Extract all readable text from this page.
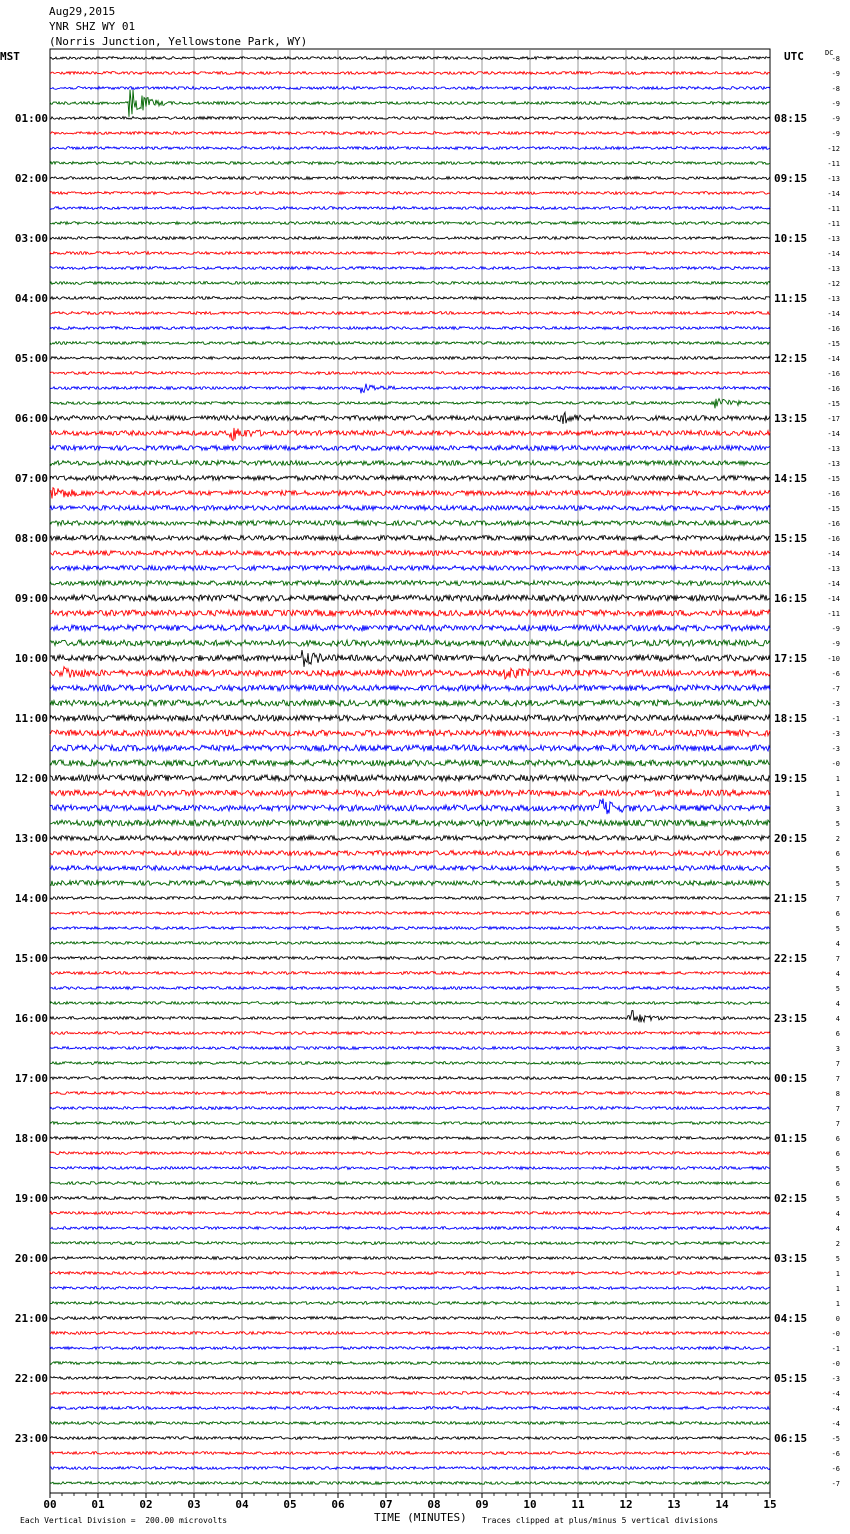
Aug29,2015
YNR SHZ WY 01
(Norris Junction, Yellowstone Park, WY)
MST	UTC	DC
-8
-9
-8
-9
-9
-9
-12
-11
-13
-14
-11
-11
-13
-14
-13
-12
-13
-14
-16
-15
-14
-16
-16
-15
-17
-14
-13
-13
-15
-16
-15
-16
-16
-14
-13
-14
-14
-11
-9
-9
-10
-6
-7
-3
-1
-3
-3
-0
1
1
3
5
2
6
5
5
7
6
5
4
7
4
5
4
4
6
3
7
7
8
7
7
6
6
5
6
5
4
4
2
5
1
1
1
0
-0
-1
-0
-3
-4
-4
-4
-5
-6
-6
-7
01:00
02:00
03:00
04:00
05:00
06:00
07:00
08:00
09:00
10:00
11:00
12:00
13:00
14:00
15:00
16:00
17:00
18:00
19:00
20:00
21:00
22:00
23:00
08:15
09:15
10:15
11:15
12:15
13:15
14:15
15:15
16:15
17:15
18:15
19:15
20:15
21:15
22:15
23:15
00:15
01:15
02:15
03:15
04:15
05:15
06:15
00	01	02	03	04	05	06	07	08	09	10	11	12	13	14	15
Each Vertical Division =  200.00 microvolts	TIME (MINUTES) Traces clipped at plus/minus 5 vertical divisions
